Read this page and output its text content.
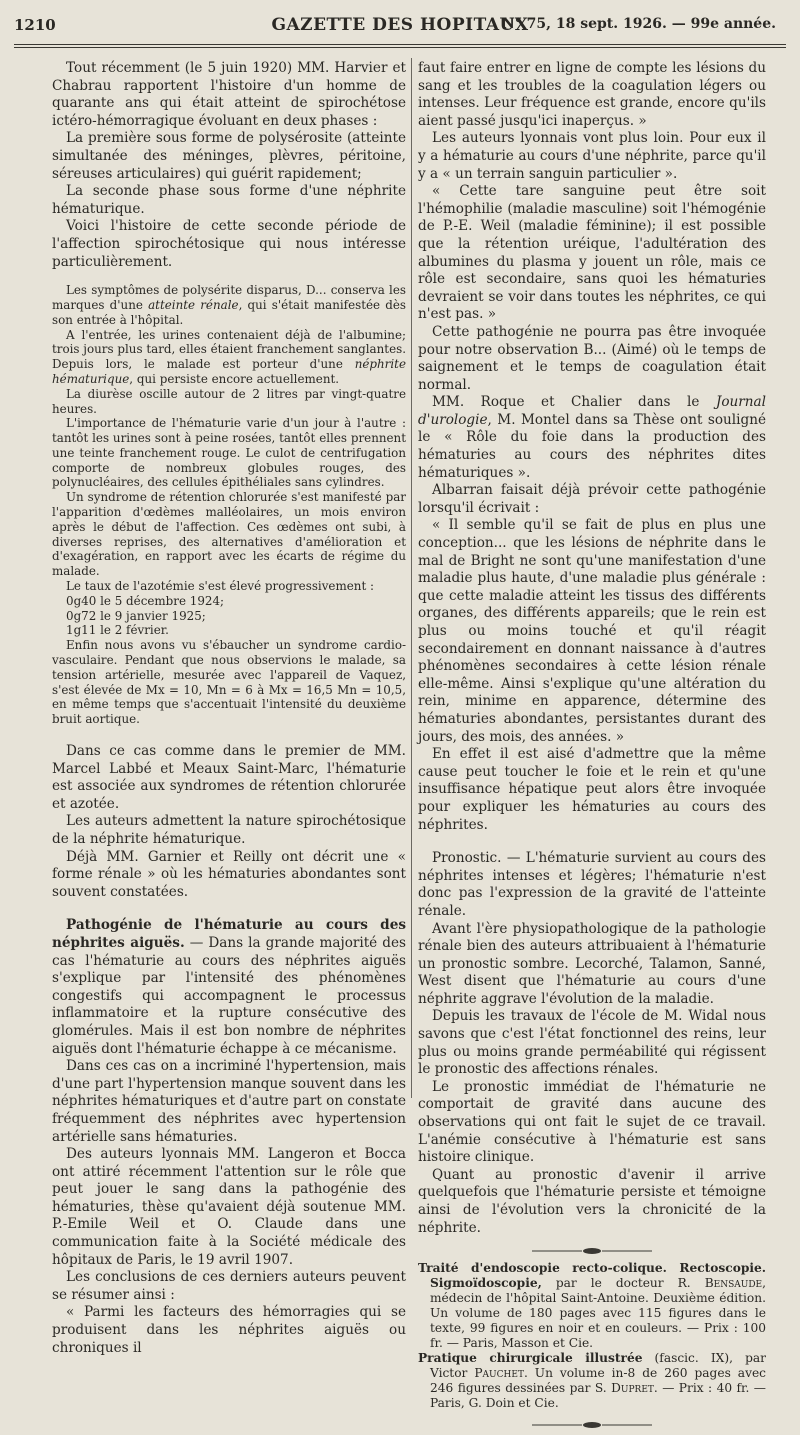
1210	GAZETTE DES HOPITAUX
N° 75, 18 sept. 1926. — 99e année.

Tout récemment (le 5 juin 1920) MM. Harvier et Chabrau rapportent l'histoire d'un homme de quarante ans qui était atteint de spirochétose ictéro-hémorragique évoluant en deux phases :

La première sous forme de polysérosite (atteinte simultanée des méninges, plèvres, péritoine, séreuses articulaires) qui guérit rapidement;

La seconde phase sous forme d'une néphrite hématurique.

Voici l'histoire de cette seconde période de l'affection spirochétosique qui nous intéresse particulièrement.

Les symptômes de polysérite disparus, D... conserva les marques d'une atteinte rénale, qui s'était manifestée dès son entrée à l'hôpital.

A l'entrée, les urines contenaient déjà de l'albumine; trois jours plus tard, elles étaient franchement sanglantes. Depuis lors, le malade est porteur d'une néphrite hématurique, qui persiste encore actuellement.

La diurèse oscille autour de 2 litres par vingt-quatre heures.

L'importance de l'hématurie varie d'un jour à l'autre : tantôt les urines sont à peine rosées, tantôt elles prennent une teinte franchement rouge. Le culot de centrifugation comporte de nombreux globules rouges, des polynucléaires, des cellules épithéliales sans cylindres.

Un syndrome de rétention chlorurée s'est manifesté par l'apparition d'œdèmes malléolaires, un mois environ après le début de l'affection. Ces œdèmes ont subi, à diverses reprises, des alternatives d'amélioration et d'exagération, en rapport avec les écarts de régime du malade.

Le taux de l'azotémie s'est élevé progressivement :

0g40 le 5 décembre 1924;

0g72 le 9 janvier 1925;

1g11 le 2 février.

Enfin nous avons vu s'ébaucher un syndrome cardio-vasculaire. Pendant que nous observions le malade, sa tension artérielle, mesurée avec l'appareil de Vaquez, s'est élevée de Mx = 10, Mn = 6 à Mx = 16,5 Mn = 10,5, en même temps que s'accentuait l'intensité du deuxième bruit aortique.

Dans ce cas comme dans le premier de MM. Marcel Labbé et Meaux Saint-Marc, l'hématurie est associée aux syndromes de rétention chlorurée et azotée.

Les auteurs admettent la nature spirochétosique de la néphrite hématurique.

Déjà MM. Garnier et Reilly ont décrit une « forme rénale » où les hématuries abondantes sont souvent constatées.

Pathogénie de l'hématurie au cours des néphrites aiguës. — Dans la grande majorité des cas l'hématurie au cours des néphrites aiguës s'explique par l'intensité des phénomènes congestifs qui accompagnent le processus inflammatoire et la rupture consécutive des glomérules. Mais il est bon nombre de néphrites aiguës dont l'hématurie échappe à ce mécanisme.

Dans ces cas on a incriminé l'hypertension, mais d'une part l'hypertension manque souvent dans les néphrites hématuriques et d'autre part on constate fréquemment des néphrites avec hypertension artérielle sans hématuries.

Des auteurs lyonnais MM. Langeron et Bocca ont attiré récemment l'attention sur le rôle que peut jouer le sang dans la pathogénie des hématuries, thèse qu'avaient déjà soutenue MM. P.-Emile Weil et O. Claude dans une communication faite à la Société médicale des hôpitaux de Paris, le 19 avril 1907.

Les conclusions de ces derniers auteurs peuvent se résumer ainsi :

« Parmi les facteurs des hémorragies qui se produisent dans les néphrites aiguës ou chroniques il

faut faire entrer en ligne de compte les lésions du sang et les troubles de la coagulation légers ou intenses. Leur fréquence est grande, encore qu'ils aient passé jusqu'ici inaperçus. »

Les auteurs lyonnais vont plus loin. Pour eux il y a hématurie au cours d'une néphrite, parce qu'il y a « un terrain sanguin particulier ».

« Cette tare sanguine peut être soit l'hémophilie (maladie masculine) soit l'hémogénie de P.-E. Weil (maladie féminine); il est possible que la rétention uréique, l'adultération des albumines du plasma y jouent un rôle, mais ce rôle est secondaire, sans quoi les hématuries devraient se voir dans toutes les néphrites, ce qui n'est pas. »

Cette pathogénie ne pourra pas être invoquée pour notre observation B... (Aimé) où le temps de saignement et le temps de coagulation était normal.

MM. Roque et Chalier dans le Journal d'urologie, M. Montel dans sa Thèse ont souligné le « Rôle du foie dans la production des hématuries au cours des néphrites dites hématuriques ».

Albarran faisait déjà prévoir cette pathogénie lorsqu'il écrivait :

« Il semble qu'il se fait de plus en plus une conception... que les lésions de néphrite dans le mal de Bright ne sont qu'une manifestation d'une maladie plus haute, d'une maladie plus générale : que cette maladie atteint les tissus des différents organes, des différents appareils; que le rein est plus ou moins touché et qu'il réagit secondairement en donnant naissance à d'autres phénomènes secondaires à cette lésion rénale elle-même. Ainsi s'explique qu'une altération du rein, minime en apparence, détermine des hématuries abondantes, persistantes durant des jours, des mois, des années. »

En effet il est aisé d'admettre que la même cause peut toucher le foie et le rein et qu'une insuffisance hépatique peut alors être invoquée pour expliquer les hématuries au cours des néphrites.

Pronostic. — L'hématurie survient au cours des néphrites intenses et légères; l'hématurie n'est donc pas l'expression de la gravité de l'atteinte rénale.

Avant l'ère physiopathologique de la pathologie rénale bien des auteurs attribuaient à l'hématurie un pronostic sombre. Lecorché, Talamon, Sanné, West disent que l'hématurie au cours d'une néphrite aggrave l'évolution de la maladie.

Depuis les travaux de l'école de M. Widal nous savons que c'est l'état fonctionnel des reins, leur plus ou moins grande perméabilité qui régissent le pronostic des affections rénales.

Le pronostic immédiat de l'hématurie ne comportait de gravité dans aucune des observations qui ont fait le sujet de ce travail. L'anémie consécutive à l'hématurie est sans histoire clinique.

Quant au pronostic d'avenir il arrive quelquefois que l'hématurie persiste et témoigne ainsi de l'évolution vers la chronicité de la néphrite.

Traité d'endoscopie recto-colique. Rectoscopie. Sigmoïdoscopie, par le docteur R. Bensaude, médecin de l'hôpital Saint-Antoine. Deuxième édition. Un volume de 180 pages avec 115 figures dans le texte, 99 figures en noir et en couleurs. — Prix : 100 fr. — Paris, Masson et Cie.

Pratique chirurgicale illustrée (fascic. IX), par Victor Pauchet. Un volume in-8 de 260 pages avec 246 figures dessinées par S. Dupret. — Prix : 40 fr. — Paris, G. Doin et Cie.
